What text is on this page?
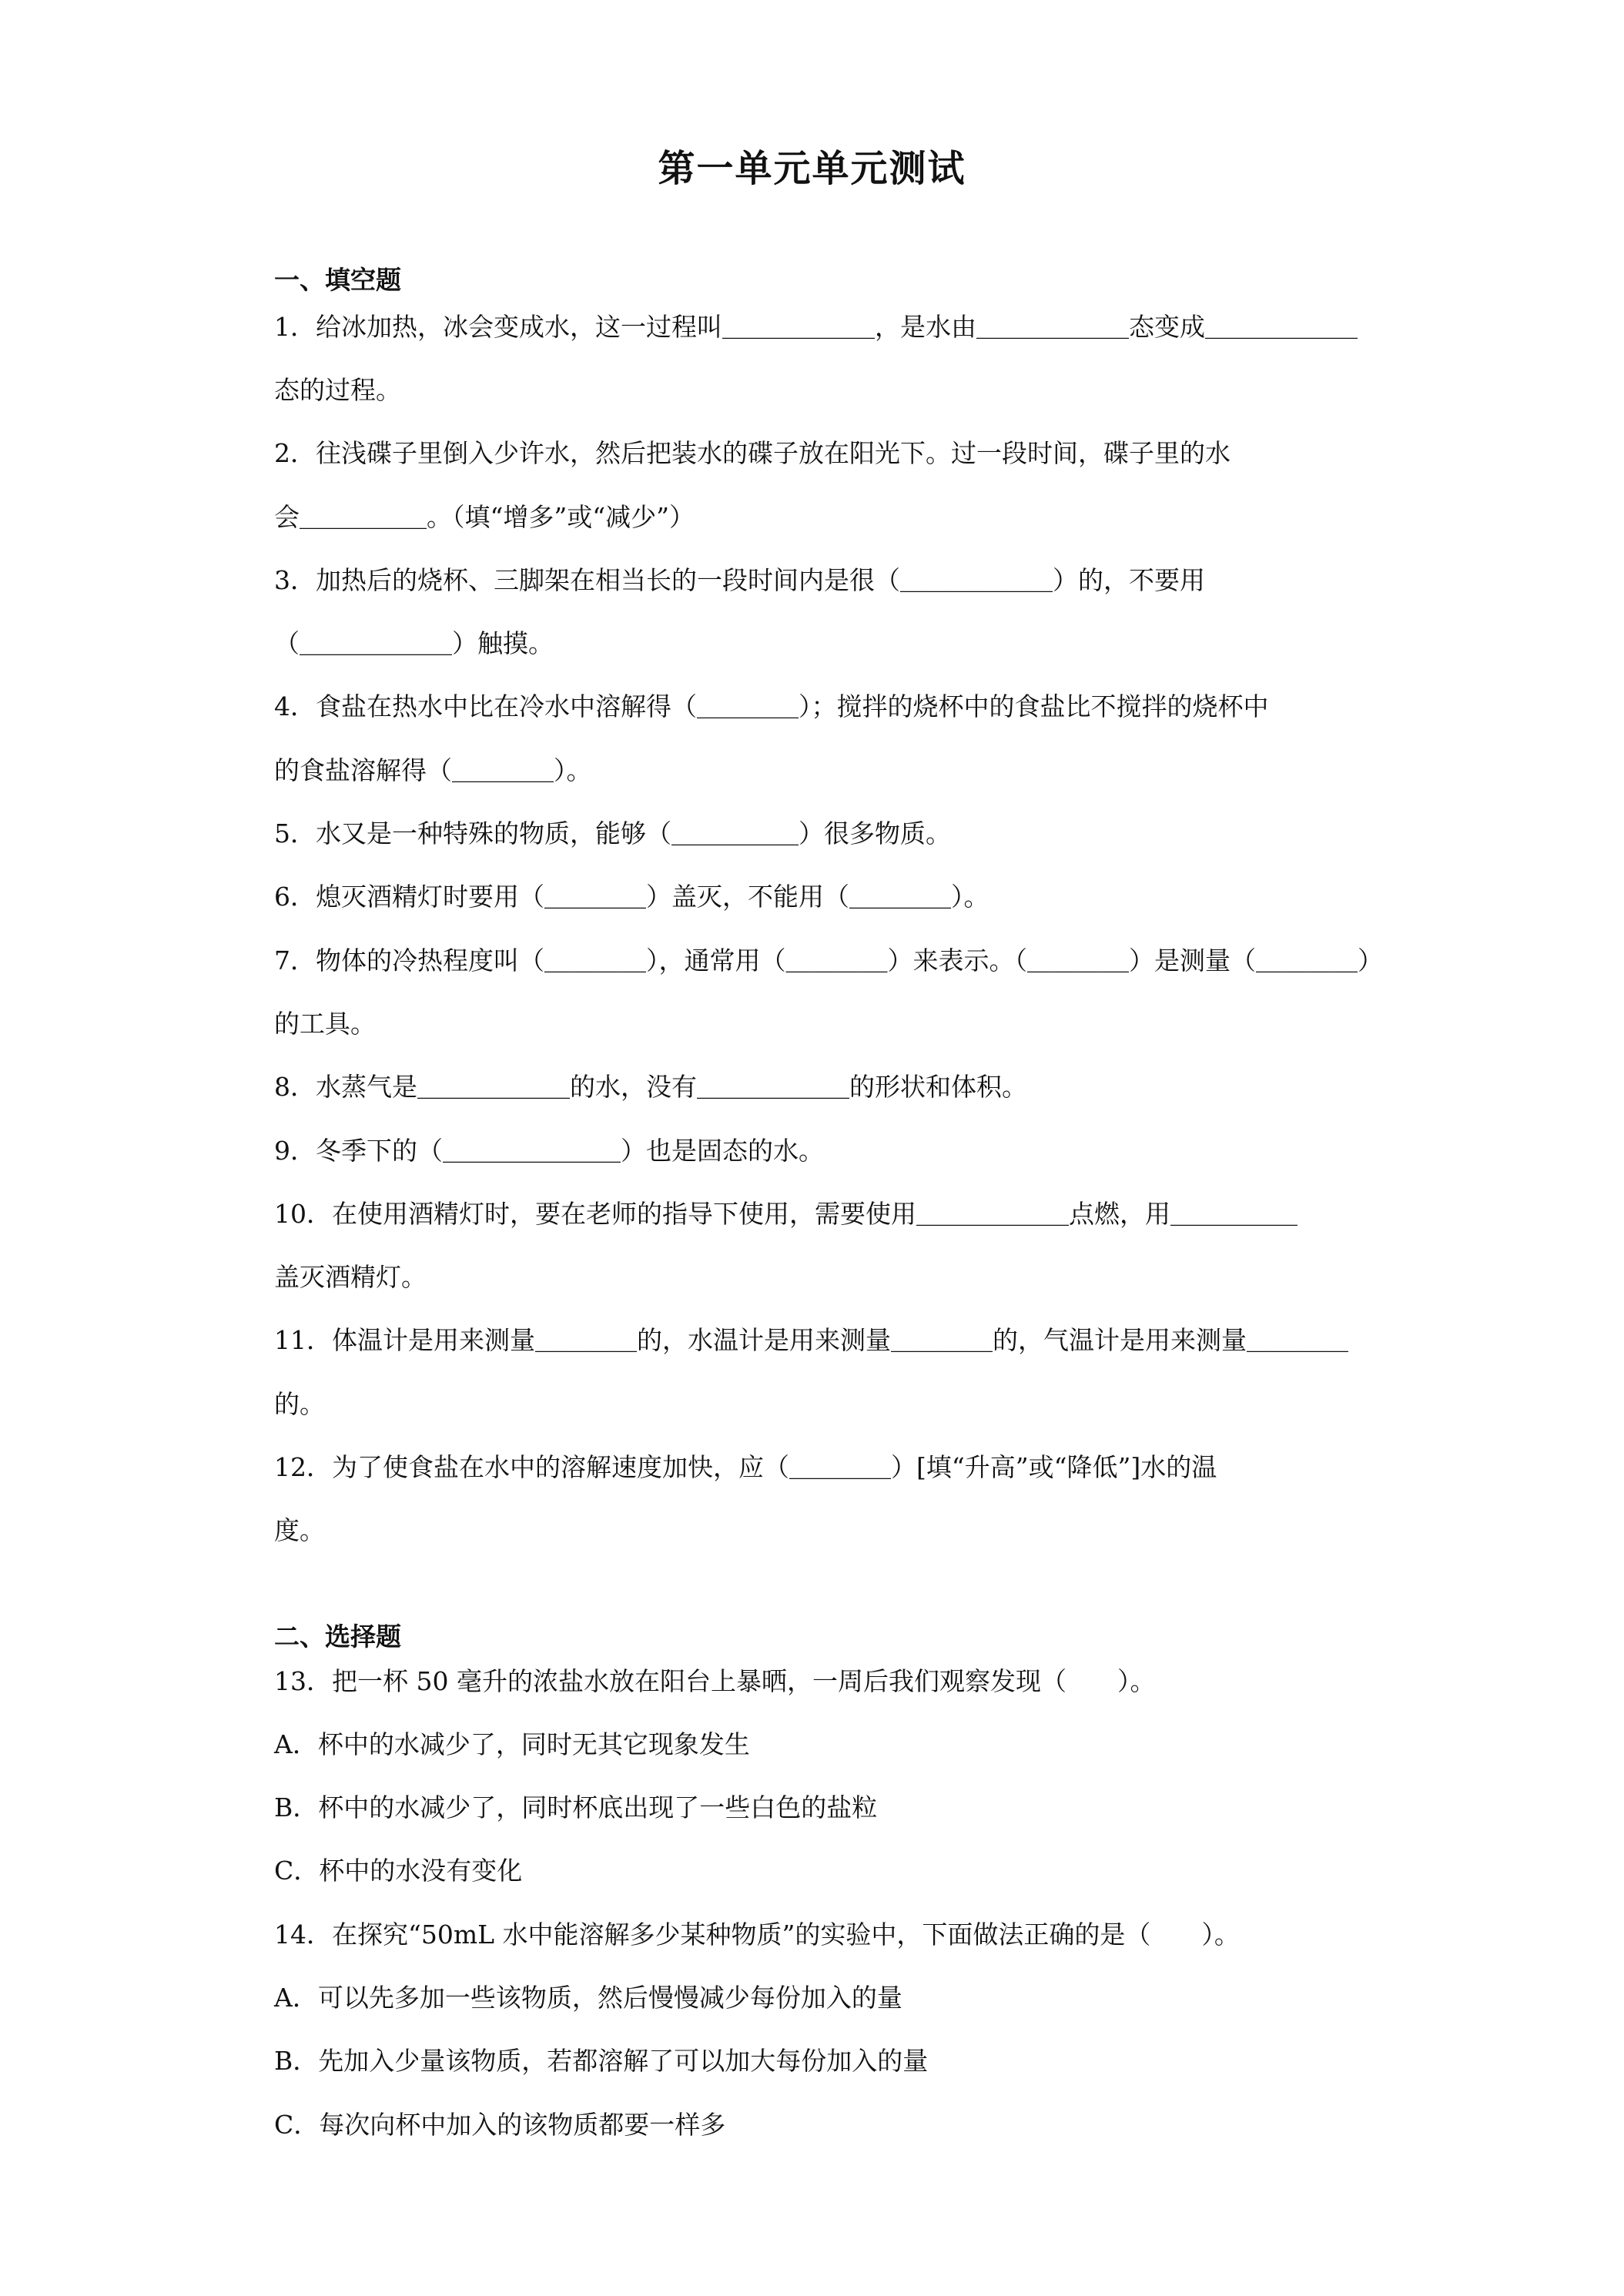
第一单元单元测试
一、填空题
1．给冰加热，冰会变成水，这一过程叫＿＿＿＿＿＿，是水由＿＿＿＿＿＿态变成＿＿＿＿＿＿
态的过程。
2．往浅碟子里倒入少许水，然后把装水的碟子放在阳光下。过一段时间，碟子里的水
会＿＿＿＿＿。（填“增多”或“减少”）
3．加热后的烧杯、三脚架在相当长的一段时间内是很（＿＿＿＿＿＿）的，不要用
（＿＿＿＿＿＿）触摸。
4．食盐在热水中比在冷水中溶解得（＿＿＿＿）；搅拌的烧杯中的食盐比不搅拌的烧杯中
的食盐溶解得（＿＿＿＿）。
5．水又是一种特殊的物质，能够（＿＿＿＿＿）很多物质。
6．熄灭酒精灯时要用（＿＿＿＿）盖灭，不能用（＿＿＿＿）。
7．物体的冷热程度叫（＿＿＿＿），通常用（＿＿＿＿）来表示。（＿＿＿＿）是测量（＿＿＿＿）
的工具。
8．水蒸气是＿＿＿＿＿＿的水，没有＿＿＿＿＿＿的形状和体积。
9．冬季下的（＿＿＿＿＿＿＿）也是固态的水。
10．在使用酒精灯时，要在老师的指导下使用，需要使用＿＿＿＿＿＿点燃，用＿＿＿＿＿
盖灭酒精灯。
11．体温计是用来测量＿＿＿＿的，水温计是用来测量＿＿＿＿的，气温计是用来测量＿＿＿＿
的。
12．为了使食盐在水中的溶解速度加快，应（＿＿＿＿）[填“升高”或“降低”]水的温
度。
二、选择题
13．把一杯 50 毫升的浓盐水放在阳台上暴晒，一周后我们观察发现（　　）。
A．杯中的水减少了，同时无其它现象发生
B．杯中的水减少了，同时杯底出现了一些白色的盐粒
C．杯中的水没有变化
14．在探究“50mL 水中能溶解多少某种物质”的实验中，下面做法正确的是（　　）。
A．可以先多加一些该物质，然后慢慢减少每份加入的量
B．先加入少量该物质，若都溶解了可以加大每份加入的量
C．每次向杯中加入的该物质都要一样多
